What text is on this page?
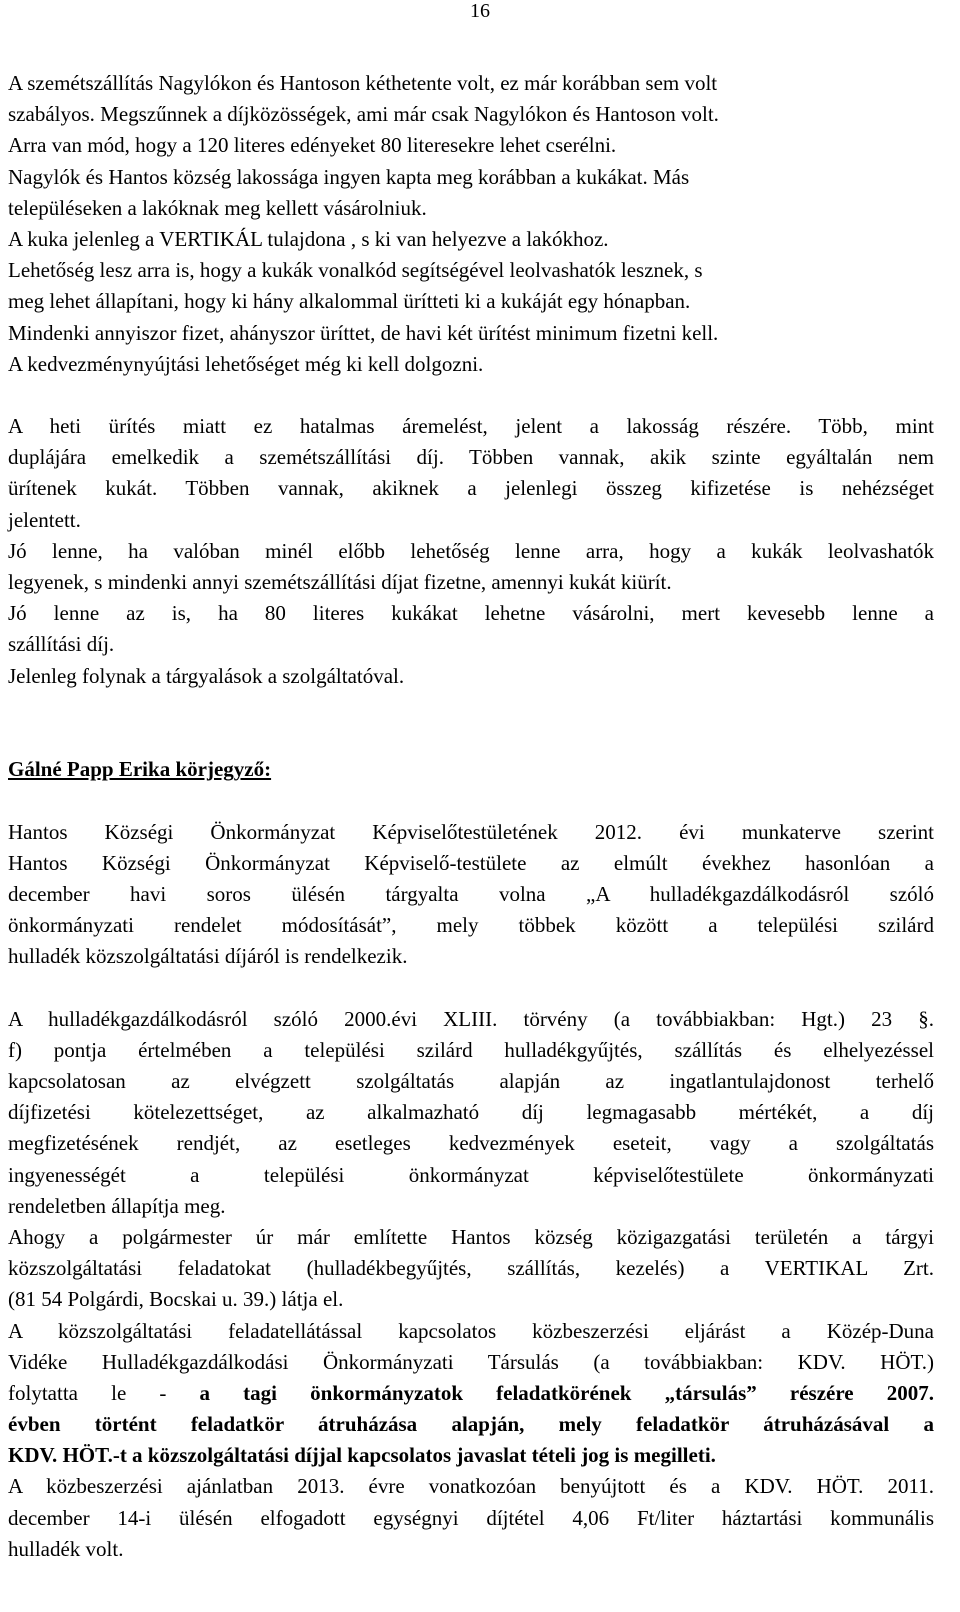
16
A szemétszállítás Nagylókon és Hantoson kéthetente volt, ez már korábban sem volt
szabályos. Megszűnnek a díjközösségek, ami már csak Nagylókon és Hantoson volt.
Arra van mód, hogy a 120 literes edényeket 80 literesekre lehet cserélni.
Nagylók és Hantos község lakossága ingyen kapta meg korábban a kukákat. Más
településeken a lakóknak meg kellett vásárolniuk.
A kuka jelenleg a VERTIKÁL tulajdona , s ki van helyezve a lakókhoz.
Lehetőség lesz arra is, hogy a kukák vonalkód segítségével leolvashatók lesznek, s
meg lehet állapítani, hogy ki hány alkalommal ürítteti ki a kukáját egy hónapban.
Mindenki annyiszor fizet, ahányszor üríttet, de havi két ürítést minimum fizetni kell.
A kedvezménynyújtási lehetőséget még ki kell dolgozni.
A heti ürítés miatt ez hatalmas áremelést, jelent a lakosság részére. Több, mint
duplájára emelkedik a szemétszállítási díj. Többen vannak, akik szinte egyáltalán nem
ürítenek kukát. Többen vannak, akiknek a jelenlegi összeg kifizetése is nehézséget
jelentett.
Jó lenne, ha valóban minél előbb lehetőség lenne arra, hogy a kukák leolvashatók
legyenek, s mindenki annyi szemétszállítási díjat fizetne, amennyi kukát kiürít.
Jó lenne az is, ha 80 literes kukákat lehetne vásárolni, mert kevesebb lenne a
szállítási díj.
Jelenleg folynak a tárgyalások a szolgáltatóval.
Gálné Papp Erika körjegyző:
Hantos Községi Önkormányzat Képviselőtestületének 2012. évi munkaterve szerint
Hantos Községi Önkormányzat Képviselő-testülete az elmúlt évekhez hasonlóan a
december havi soros ülésén tárgyalta volna „A hulladékgazdálkodásról szóló
önkormányzati rendelet módosítását”, mely többek között a települési szilárd
hulladék közszolgáltatási díjáról is rendelkezik.
A hulladékgazdálkodásról szóló 2000.évi XLIII. törvény (a továbbiakban: Hgt.) 23 §.
f) pontja értelmében a települési szilárd hulladékgyűjtés, szállítás és elhelyezéssel
kapcsolatosan az elvégzett szolgáltatás alapján az ingatlantulajdonost terhelő
díjfizetési kötelezettséget, az alkalmazható díj legmagasabb mértékét, a díj
megfizetésének rendjét, az esetleges kedvezmények eseteit, vagy a szolgáltatás
ingyenességét a települési önkormányzat képviselőtestülete önkormányzati
rendeletben állapítja meg.
Ahogy a polgármester úr már említette Hantos község közigazgatási területén a tárgyi
közszolgáltatási feladatokat (hulladékbegyűjtés, szállítás, kezelés) a VERTIKAL Zrt.
(81 54 Polgárdi, Bocskai u. 39.) látja el.
A közszolgáltatási feladatellátással kapcsolatos közbeszerzési eljárást a Közép-Duna
Vidéke Hulladékgazdálkodási Önkormányzati Társulás (a továbbiakban: KDV. HÖT.)
folytatta le - a tagi önkormányzatok feladatkörének „társulás” részére 2007.
évben történt feladatkör átruházása alapján, mely feladatkör átruházásával a
KDV. HÖT.-t a közszolgáltatási díjjal kapcsolatos javaslat tételi jog is megilleti.
A közbeszerzési ajánlatban 2013. évre vonatkozóan benyújtott és a KDV. HÖT. 2011.
december 14-i ülésén elfogadott egységnyi díjtétel 4,06 Ft/liter háztartási kommunális
hulladék volt.
